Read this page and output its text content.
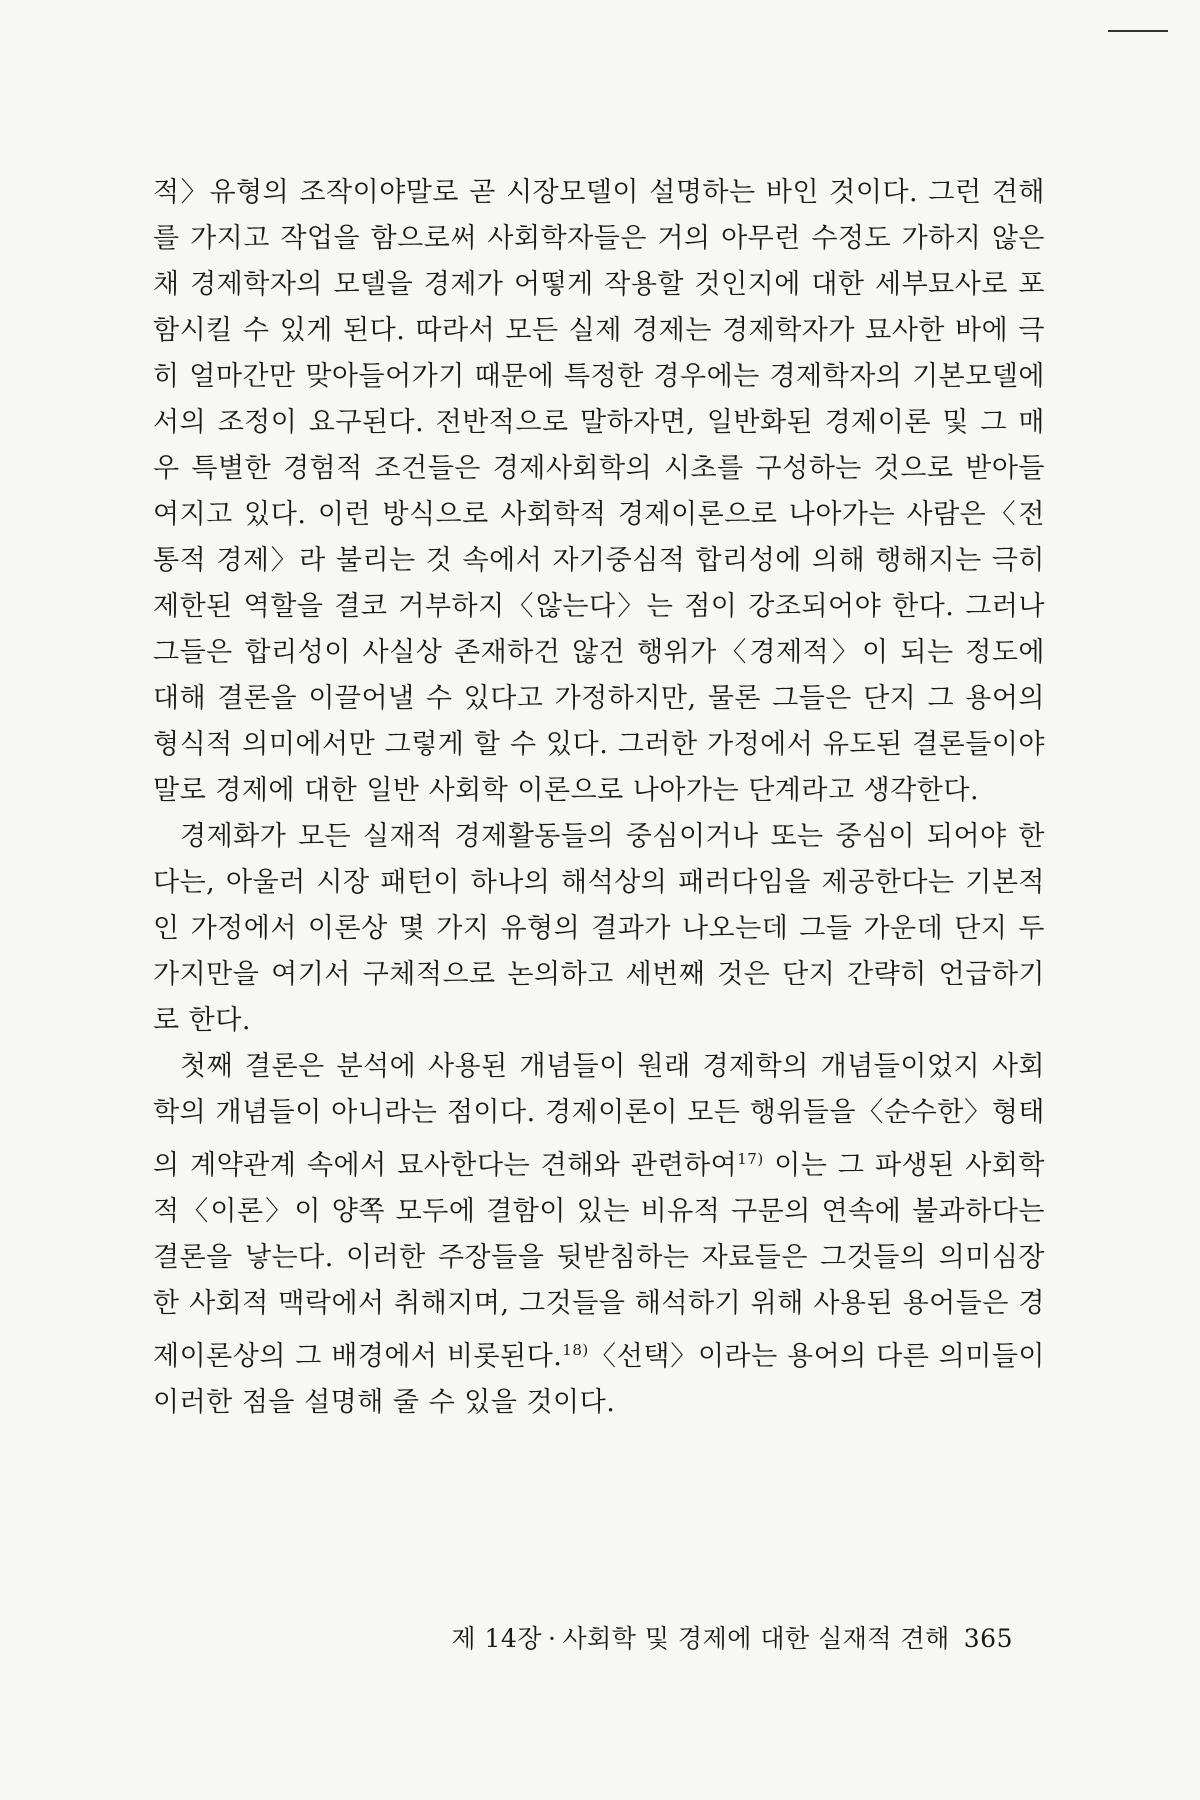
적〉유형의 조작이야말로 곧 시장모델이 설명하는 바인 것이다. 그런 견해를 가지고 작업을 함으로써 사회학자들은 거의 아무런 수정도 가하지 않은 채 경제학자의 모델을 경제가 어떻게 작용할 것인지에 대한 세부묘사로 포함시킬 수 있게 된다. 따라서 모든 실제 경제는 경제학자가 묘사한 바에 극히 얼마간만 맞아들어가기 때문에 특정한 경우에는 경제학자의 기본모델에서의 조정이 요구된다. 전반적으로 말하자면, 일반화된 경제이론 및 그 매우 특별한 경험적 조건들은 경제사회학의 시초를 구성하는 것으로 받아들여지고 있다. 이런 방식으로 사회학적 경제이론으로 나아가는 사람은〈전통적 경제〉라 불리는 것 속에서 자기중심적 합리성에 의해 행해지는 극히 제한된 역할을 결코 거부하지〈않는다〉는 점이 강조되어야 한다. 그러나 그들은 합리성이 사실상 존재하건 않건 행위가〈경제적〉이 되는 정도에 대해 결론을 이끌어낼 수 있다고 가정하지만, 물론 그들은 단지 그 용어의 형식적 의미에서만 그렇게 할 수 있다. 그러한 가정에서 유도된 결론들이야말로 경제에 대한 일반 사회학 이론으로 나아가는 단계라고 생각한다.

경제화가 모든 실재적 경제활동들의 중심이거나 또는 중심이 되어야 한다는, 아울러 시장 패턴이 하나의 해석상의 패러다임을 제공한다는 기본적인 가정에서 이론상 몇 가지 유형의 결과가 나오는데 그들 가운데 단지 두 가지만을 여기서 구체적으로 논의하고 세번째 것은 단지 간략히 언급하기로 한다.

첫째 결론은 분석에 사용된 개념들이 원래 경제학의 개념들이었지 사회학의 개념들이 아니라는 점이다. 경제이론이 모든 행위들을〈순수한〉형태의 계약관계 속에서 묘사한다는 견해와 관련하여$^{17)}$ 이는 그 파생된 사회학적〈이론〉이 양쪽 모두에 결함이 있는 비유적 구문의 연속에 불과하다는 결론을 낳는다. 이러한 주장들을 뒷받침하는 자료들은 그것들의 의미심장한 사회적 맥락에서 취해지며, 그것들을 해석하기 위해 사용된 용어들은 경제이론상의 그 배경에서 비롯된다.$^{18)}$〈선택〉이라는 용어의 다른 의미들이 이러한 점을 설명해 줄 수 있을 것이다.

제 14장 · 사회학 및 경제에 대한 실재적 견해 365
